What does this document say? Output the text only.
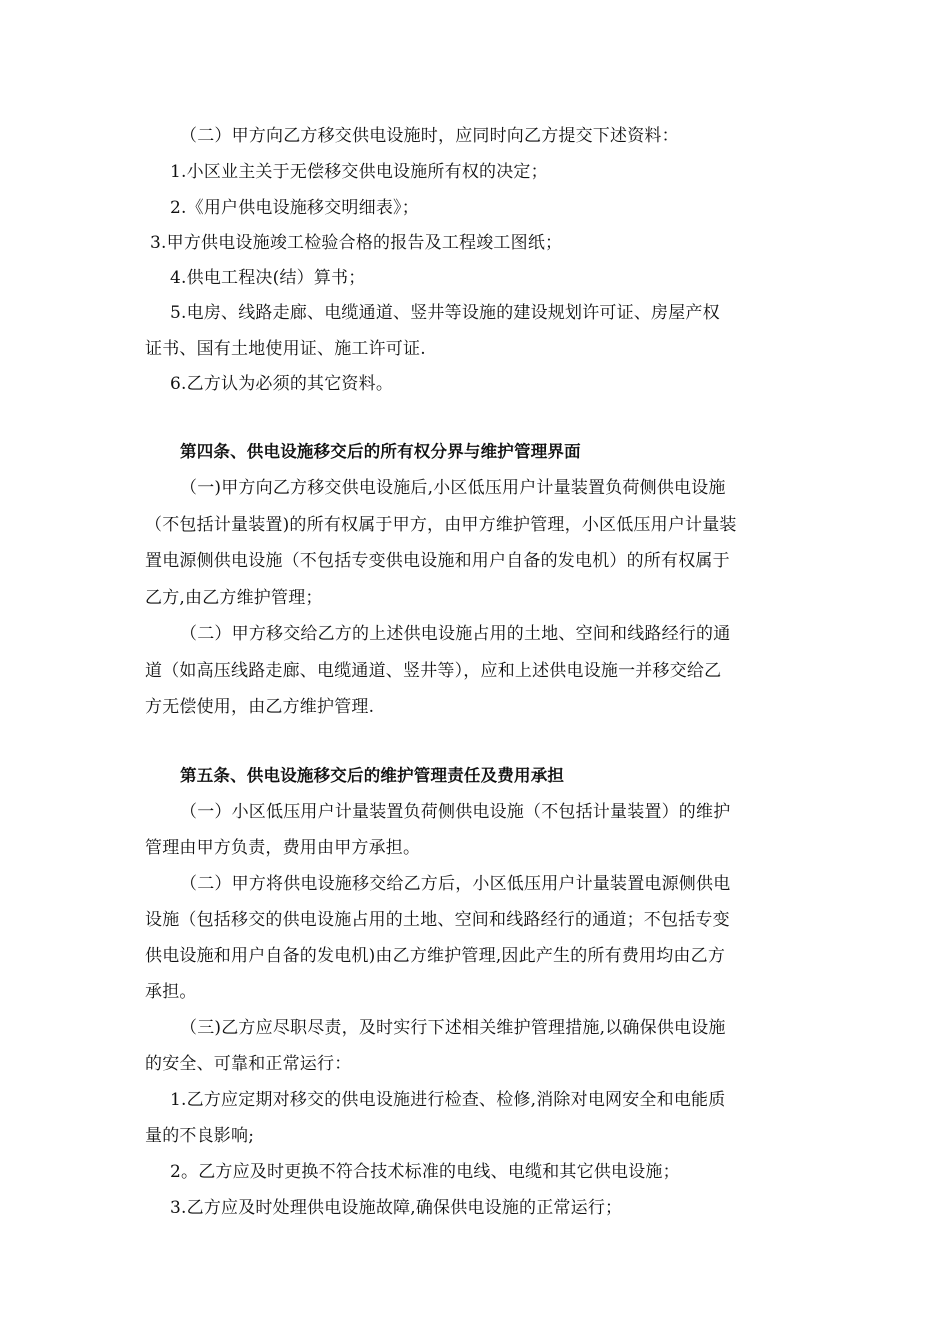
（二）甲方向乙方移交供电设施时，应同时向乙方提交下述资料：
1.小区业主关于无偿移交供电设施所有权的决定；
2.《用户供电设施移交明细表》；
3.甲方供电设施竣工检验合格的报告及工程竣工图纸；
4.供电工程决(结）算书；
5.电房、线路走廊、电缆通道、竖井等设施的建设规划许可证、房屋产权
证书、国有土地使用证、施工许可证.
6.乙方认为必须的其它资料。
第四条、供电设施移交后的所有权分界与维护管理界面
（一)甲方向乙方移交供电设施后,小区低压用户计量装置负荷侧供电设施
（不包括计量装置)的所有权属于甲方，由甲方维护管理，小区低压用户计量装
置电源侧供电设施（不包括专变供电设施和用户自备的发电机）的所有权属于
乙方,由乙方维护管理；
（二）甲方移交给乙方的上述供电设施占用的土地、空间和线路经行的通
道（如高压线路走廊、电缆通道、竖井等），应和上述供电设施一并移交给乙
方无偿使用，由乙方维护管理.
第五条、供电设施移交后的维护管理责任及费用承担
（一）小区低压用户计量装置负荷侧供电设施（不包括计量装置）的维护
管理由甲方负责，费用由甲方承担。
（二）甲方将供电设施移交给乙方后，小区低压用户计量装置电源侧供电
设施（包括移交的供电设施占用的土地、空间和线路经行的通道；不包括专变
供电设施和用户自备的发电机)由乙方维护管理,因此产生的所有费用均由乙方
承担。
（三)乙方应尽职尽责，及时实行下述相关维护管理措施,以确保供电设施
的安全、可靠和正常运行：
1.乙方应定期对移交的供电设施进行检查、检修,消除对电网安全和电能质
量的不良影响;
2。乙方应及时更换不符合技术标准的电线、电缆和其它供电设施；
3.乙方应及时处理供电设施故障,确保供电设施的正常运行；
